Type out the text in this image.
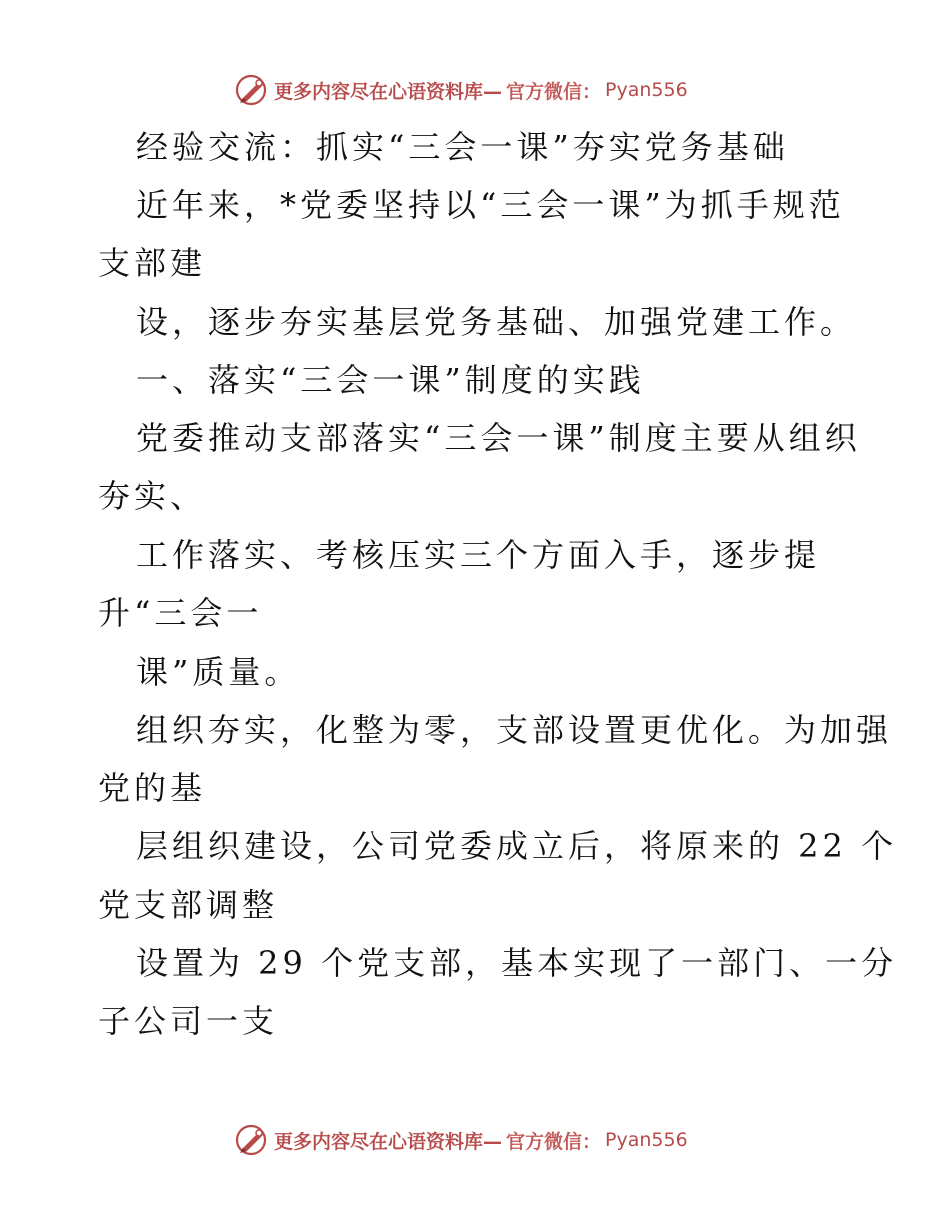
更多内容尽在心语资料库— 官方微信： Pyan556
经验交流：抓实“三会一课”夯实党务基础
近年来，*党委坚持以“三会一课”为抓手规范
支部建
设，逐步夯实基层党务基础、加强党建工作。
一、落实“三会一课”制度的实践
党委推动支部落实“三会一课”制度主要从组织
夯实、
工作落实、考核压实三个方面入手，逐步提
升“三会一
课”质量。
组织夯实，化整为零，支部设置更优化。为加强
党的基
层组织建设，公司党委成立后，将原来的 22 个
党支部调整
设置为 29 个党支部，基本实现了一部门、一分
子公司一支
更多内容尽在心语资料库— 官方微信： Pyan556
